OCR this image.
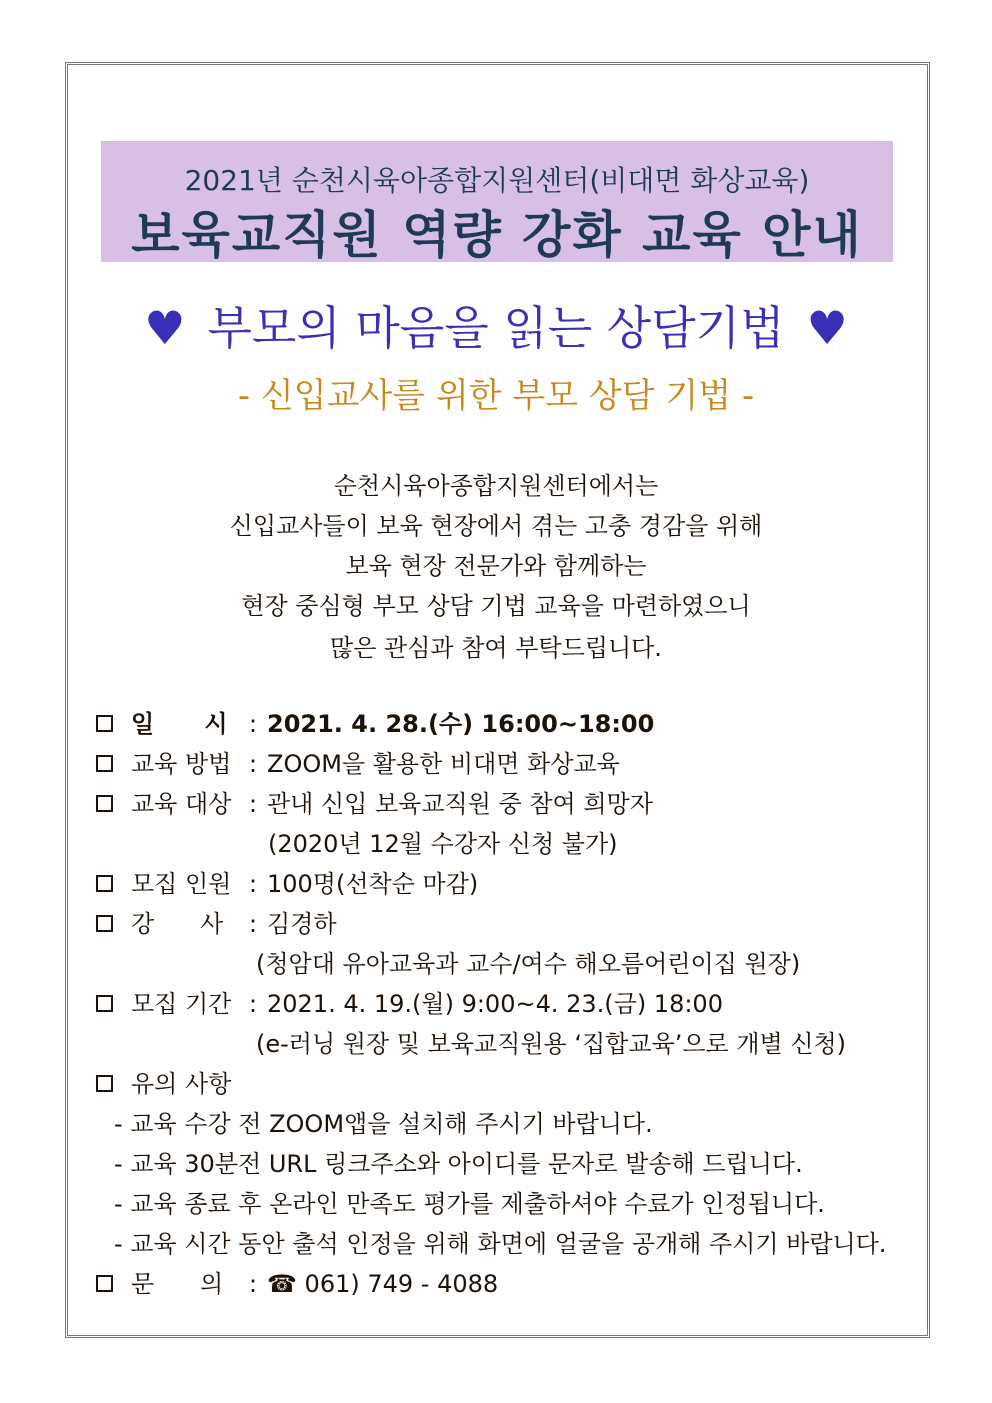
2021년 순천시육아종합지원센터(비대면 화상교육)
보육교직원 역량 강화 교육 안내
♥ 부모의 마음을 읽는 상담기법 ♥
- 신입교사를 위한 부모 상담 기법 -
순천시육아종합지원센터에서는
신입교사들이 보육 현장에서 겪는 고충 경감을 위해
보육 현장 전문가와 함께하는
현장 중심형 부모 상담 기법 교육을 마련하였으니
많은 관심과 참여 부탁드립니다.
일      시 : 2021. 4. 28.(수) 16:00~18:00
교육 방법 : ZOOM을 활용한 비대면 화상교육
교육 대상 : 관내 신입 보육교직원 중 참여 희망자
(2020년 12월 수강자 신청 불가)
모집 인원 : 100명(선착순 마감)
강      사 : 김경하
(청암대 유아교육과 교수/여수 해오름어린이집 원장)
모집 기간 : 2021. 4. 19.(월) 9:00~4. 23.(금) 18:00
(e-러닝 원장 및 보육교직원용 ‘집합교육’으로 개별 신청)
유의 사항
- 교육 수강 전 ZOOM앱을 설치해 주시기 바랍니다.
- 교육 30분전 URL 링크주소와 아이디를 문자로 발송해 드립니다.
- 교육 종료 후 온라인 만족도 평가를 제출하셔야 수료가 인정됩니다.
- 교육 시간 동안 출석 인정을 위해 화면에 얼굴을 공개해 주시기 바랍니다.
문      의 : ☎ 061) 749 - 4088
